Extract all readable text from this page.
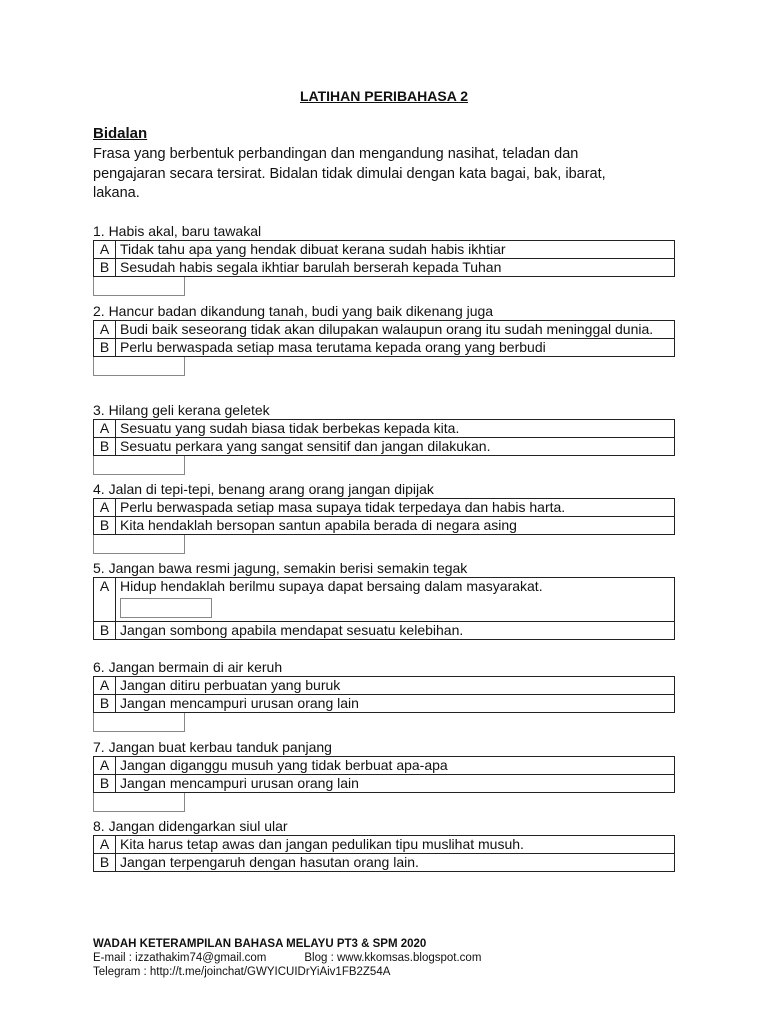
LATIHAN PERIBAHASA 2
Bidalan
Frasa yang berbentuk perbandingan dan mengandung nasihat, teladan dan pengajaran secara tersirat. Bidalan tidak dimulai dengan kata bagai, bak, ibarat, lakana.
1. Habis akal, baru tawakal
A	Tidak tahu apa yang hendak dibuat kerana sudah habis ikhtiar
B	Sesudah habis segala ikhtiar barulah berserah kepada Tuhan
2. Hancur badan dikandung tanah, budi yang baik dikenang juga
A	Budi baik seseorang tidak akan dilupakan walaupun orang itu sudah meninggal dunia.
B	Perlu berwaspada setiap masa terutama kepada orang yang berbudi
3. Hilang geli kerana geletek
A	Sesuatu yang sudah biasa tidak berbekas kepada kita.
B	Sesuatu perkara yang sangat sensitif dan jangan dilakukan.
4. Jalan di tepi-tepi, benang arang orang jangan dipijak
A	Perlu berwaspada setiap masa supaya tidak terpedaya dan habis harta.
B	Kita hendaklah bersopan santun apabila berada di negara asing
5. Jangan bawa resmi jagung, semakin berisi semakin tegak
A	Hidup hendaklah berilmu supaya dapat bersaing dalam masyarakat.

B	Jangan sombong apabila mendapat sesuatu kelebihan.
6. Jangan bermain di air keruh
A	Jangan ditiru perbuatan yang buruk
B	Jangan mencampuri urusan orang lain
7. Jangan buat kerbau tanduk panjang
A	Jangan diganggu musuh yang tidak berbuat apa-apa
B	Jangan mencampuri urusan orang lain
8. Jangan didengarkan siul ular
A	Kita harus tetap awas dan jangan pedulikan tipu muslihat musuh.
B	Jangan terpengaruh dengan hasutan orang lain.
WADAH KETERAMPILAN BAHASA MELAYU PT3 & SPM 2020
E-mail : izzathakim74@gmail.com	Blog : www.kkomsas.blogspot.com
Telegram : http://t.me/joinchat/GWYICUIDrYiAiv1FB2Z54A
